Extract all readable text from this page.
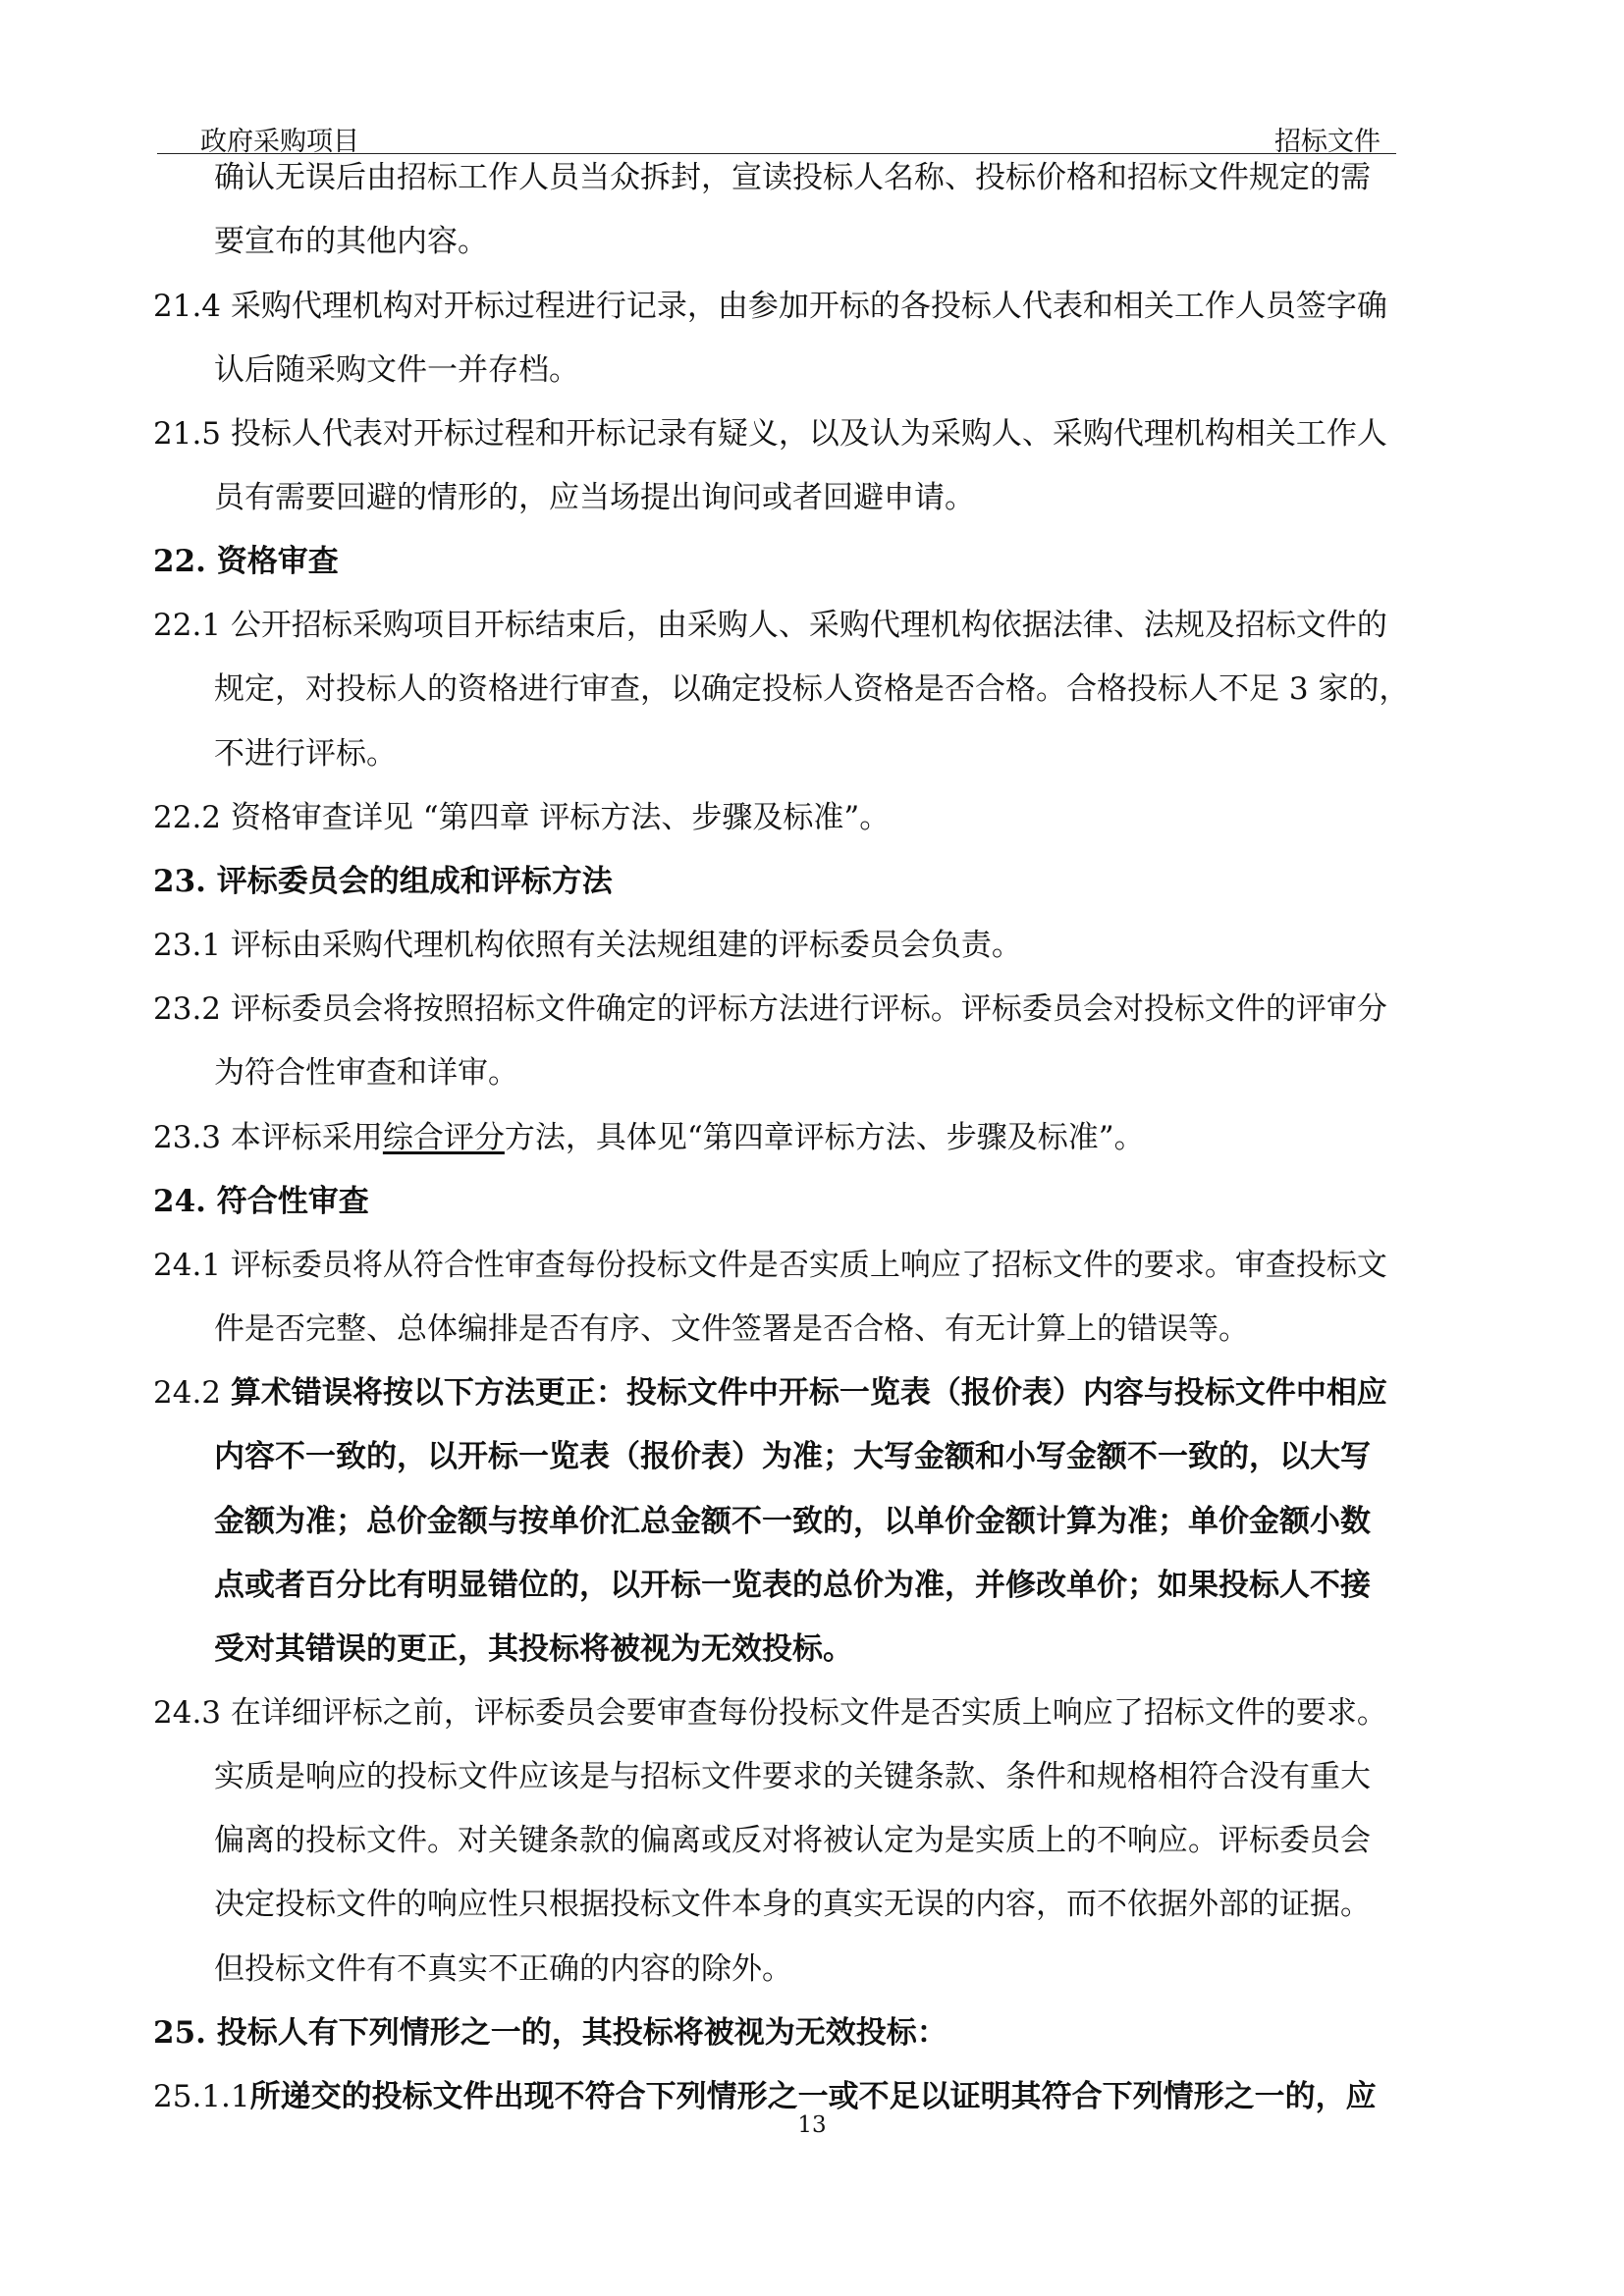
政府采购项目	招标文件
确认无误后由招标工作人员当众拆封，宣读投标人名称、投标价格和招标文件规定的需
要宣布的其他内容。
21.4 采购代理机构对开标过程进行记录，由参加开标的各投标人代表和相关工作人员签字确
认后随采购文件一并存档。
21.5 投标人代表对开标过程和开标记录有疑义，以及认为采购人、采购代理机构相关工作人
员有需要回避的情形的，应当场提出询问或者回避申请。
22. 资格审查
22.1 公开招标采购项目开标结束后，由采购人、采购代理机构依据法律、法规及招标文件的
规定，对投标人的资格进行审查，以确定投标人资格是否合格。合格投标人不足 3 家的，
不进行评标。
22.2 资格审查详见 “第四章 评标方法、步骤及标准”。
23. 评标委员会的组成和评标方法
23.1 评标由采购代理机构依照有关法规组建的评标委员会负责。
23.2 评标委员会将按照招标文件确定的评标方法进行评标。评标委员会对投标文件的评审分
为符合性审查和详审。
23.3 本评标采用综合评分方法，具体见“第四章评标方法、步骤及标准”。
24. 符合性审查
24.1 评标委员将从符合性审查每份投标文件是否实质上响应了招标文件的要求。审查投标文
件是否完整、总体编排是否有序、文件签署是否合格、有无计算上的错误等。
24.2 算术错误将按以下方法更正：投标文件中开标一览表（报价表）内容与投标文件中相应
内容不一致的，以开标一览表（报价表）为准；大写金额和小写金额不一致的，以大写
金额为准；总价金额与按单价汇总金额不一致的，以单价金额计算为准；单价金额小数
点或者百分比有明显错位的，以开标一览表的总价为准，并修改单价；如果投标人不接
受对其错误的更正，其投标将被视为无效投标。
24.3 在详细评标之前，评标委员会要审查每份投标文件是否实质上响应了招标文件的要求。
实质是响应的投标文件应该是与招标文件要求的关键条款、条件和规格相符合没有重大
偏离的投标文件。对关键条款的偏离或反对将被认定为是实质上的不响应。评标委员会
决定投标文件的响应性只根据投标文件本身的真实无误的内容，而不依据外部的证据。
但投标文件有不真实不正确的内容的除外。
25. 投标人有下列情形之一的，其投标将被视为无效投标：
25.1.1所递交的投标文件出现不符合下列情形之一或不足以证明其符合下列情形之一的，应
13
